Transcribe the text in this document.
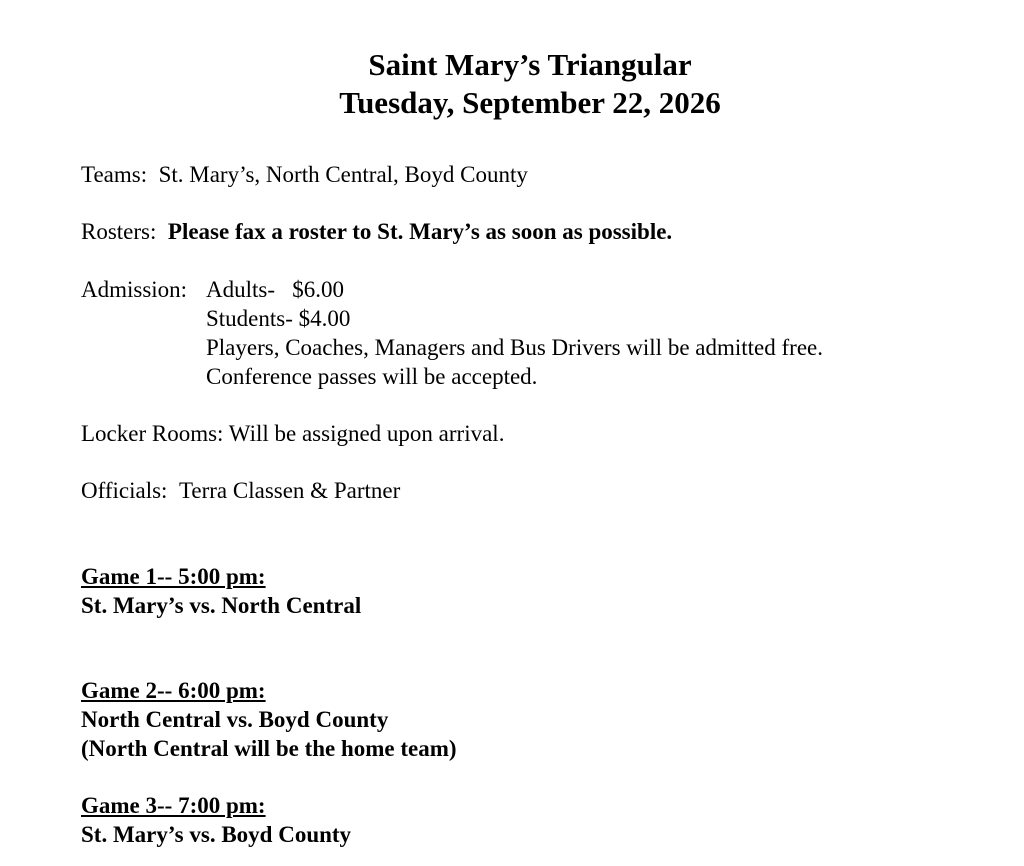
Saint Mary’s Triangular
Tuesday, September 22, 2026
Teams: St. Mary’s, North Central, Boyd County
Rosters: Please fax a roster to St. Mary’s as soon as possible.
Admission: Adults-   $6.00
Students- $4.00
Players, Coaches, Managers and Bus Drivers will be admitted free.
Conference passes will be accepted.
Locker Rooms: Will be assigned upon arrival.
Officials: Terra Classen & Partner
Game 1-- 5:00 pm:
St. Mary’s vs. North Central
Game 2-- 6:00 pm:
North Central vs. Boyd County
(North Central will be the home team)
Game 3-- 7:00 pm:
St. Mary’s vs. Boyd County
